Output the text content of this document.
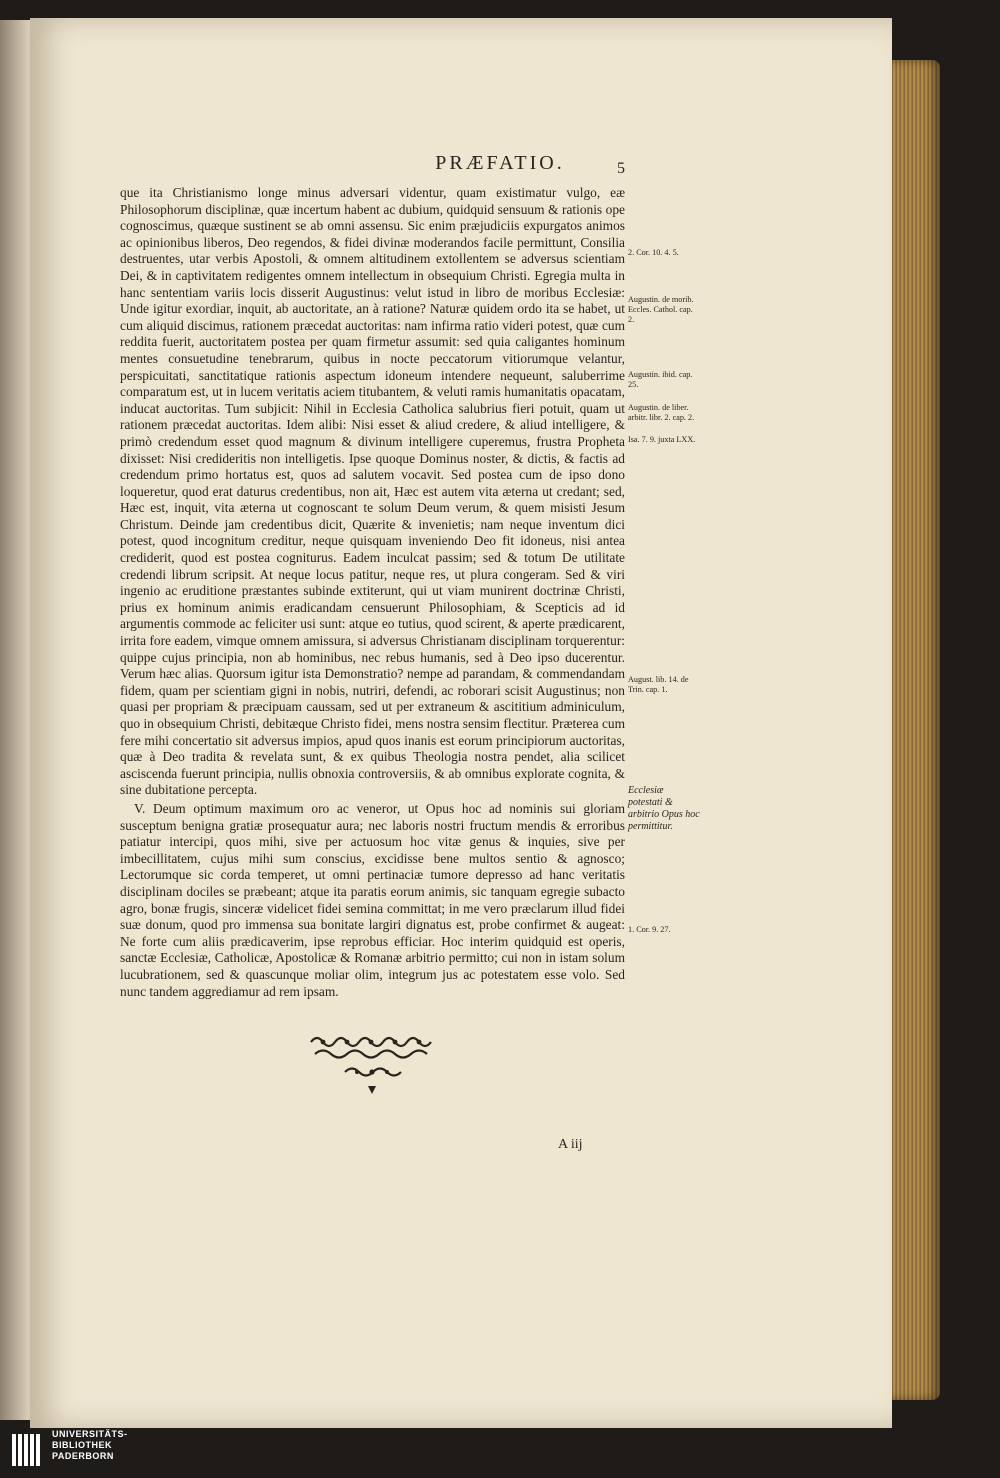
PRÆFATIO.	5

que ita Christianismo longe minus adversari videntur, quam existimatur vulgo, eæ Philosophorum disciplinæ, quæ incertum habent ac dubium, quidquid sensuum & rationis ope cognoscimus, quæque sustinent se ab omni assensu. Sic enim præjudiciis expurgatos animos ac opinionibus liberos, Deo regendos, & fidei divinæ moderandos facile permittunt, Consilia destruentes, utar verbis Apostoli, & omnem altitudinem extollentem se adversus scientiam Dei, & in captivitatem redigentes omnem intellectum in obsequium Christi. Egregia multa in hanc sententiam variis locis disserit Augustinus: velut istud in libro de moribus Ecclesiæ: Unde igitur exordiar, inquit, ab auctoritate, an à ratione? Naturæ quidem ordo ita se habet, ut cum aliquid discimus, rationem præcedat auctoritas: nam infirma ratio videri potest, quæ cum reddita fuerit, auctoritatem postea per quam firmetur assumit: sed quia caligantes hominum mentes consuetudine tenebrarum, quibus in nocte peccatorum vitiorumque velantur, perspicuitati, sanctitatique rationis aspectum idoneum intendere nequeunt, saluberrime comparatum est, ut in lucem veritatis aciem titubantem, & veluti ramis humanitatis opacatam, inducat auctoritas. Tum subjicit: Nihil in Ecclesia Catholica salubrius fieri potuit, quam ut rationem præcedat auctoritas. Idem alibi: Nisi esset & aliud credere, & aliud intelligere, & primò credendum esset quod magnum & divinum intelligere cuperemus, frustra Propheta dixisset: Nisi credideritis non intelligetis. Ipse quoque Dominus noster, & dictis, & factis ad credendum primo hortatus est, quos ad salutem vocavit. Sed postea cum de ipso dono loqueretur, quod erat daturus credentibus, non ait, Hæc est autem vita æterna ut credant; sed, Hæc est, inquit, vita æterna ut cognoscant te solum Deum verum, & quem misisti Jesum Christum. Deinde jam credentibus dicit, Quærite & invenietis; nam neque inventum dici potest, quod incognitum creditur, neque quisquam inveniendo Deo fit idoneus, nisi antea crediderit, quod est postea cogniturus. Eadem inculcat passim; sed & totum De utilitate credendi librum scripsit. At neque locus patitur, neque res, ut plura congeram. Sed & viri ingenio ac eruditione præstantes subinde extiterunt, qui ut viam munirent doctrinæ Christi, prius ex hominum animis eradicandam censuerunt Philosophiam, & Scepticis ad id argumentis commode ac feliciter usi sunt: atque eo tutius, quod scirent, & aperte prædicarent, irrita fore eadem, vimque omnem amissura, si adversus Christianam disciplinam torquerentur: quippe cujus principia, non ab hominibus, nec rebus humanis, sed à Deo ipso ducerentur. Verum hæc alias. Quorsum igitur ista Demonstratio? nempe ad parandam, & commendandam fidem, quam per scientiam gigni in nobis, nutriri, defendi, ac roborari scisit Augustinus; non quasi per propriam & præcipuam caussam, sed ut per extraneum & ascititium adminiculum, quo in obsequium Christi, debitæque Christo fidei, mens nostra sensim flectitur. Præterea cum fere mihi concertatio sit adversus impios, apud quos inanis est eorum principiorum auctoritas, quæ à Deo tradita & revelata sunt, & ex quibus Theologia nostra pendet, alia scilicet asciscenda fuerunt principia, nullis obnoxia controversiis, & ab omnibus explorate cognita, & sine dubitatione percepta.

V. Deum optimum maximum oro ac veneror, ut Opus hoc ad nominis sui gloriam susceptum benigna gratiæ prosequatur aura; nec laboris nostri fructum mendis & erroribus patiatur intercipi, quos mihi, sive per actuosum hoc vitæ genus & inquies, sive per imbecillitatem, cujus mihi sum conscius, excidisse bene multos sentio & agnosco; Lectorumque sic corda temperet, ut omni pertinaciæ tumore depresso ad hanc veritatis disciplinam dociles se præbeant; atque ita paratis eorum animis, sic tanquam egregie subacto agro, bonæ frugis, sinceræ videlicet fidei semina committat; in me vero præclarum illud fidei suæ donum, quod pro immensa sua bonitate largiri dignatus est, probe confirmet & augeat: Ne forte cum aliis prædicaverim, ipse reprobus efficiar. Hoc interim quidquid est operis, sanctæ Ecclesiæ, Catholicæ, Apostolicæ & Romanæ arbitrio permitto; cui non in istam solum lucubrationem, sed & quascunque moliar olim, integrum jus ac potestatem esse volo. Sed nunc tandem aggrediamur ad rem ipsam.

2. Cor. 10. 4. 5.
Augustin. de morib. Eccles. Cathol. cap. 2.
Augustin. ibid. cap. 25.
Augustin. de liber. arbitr. libr. 2. cap. 2.
Isa. 7. 9. juxta LXX.
August. lib. 14. de Trin. cap. 1.
Ecclesiæ potestati & arbitrio Opus hoc permittitur.
1. Cor. 9. 27.
A iij
UNIVERSITÄTS-
BIBLIOTHEK
PADERBORN
